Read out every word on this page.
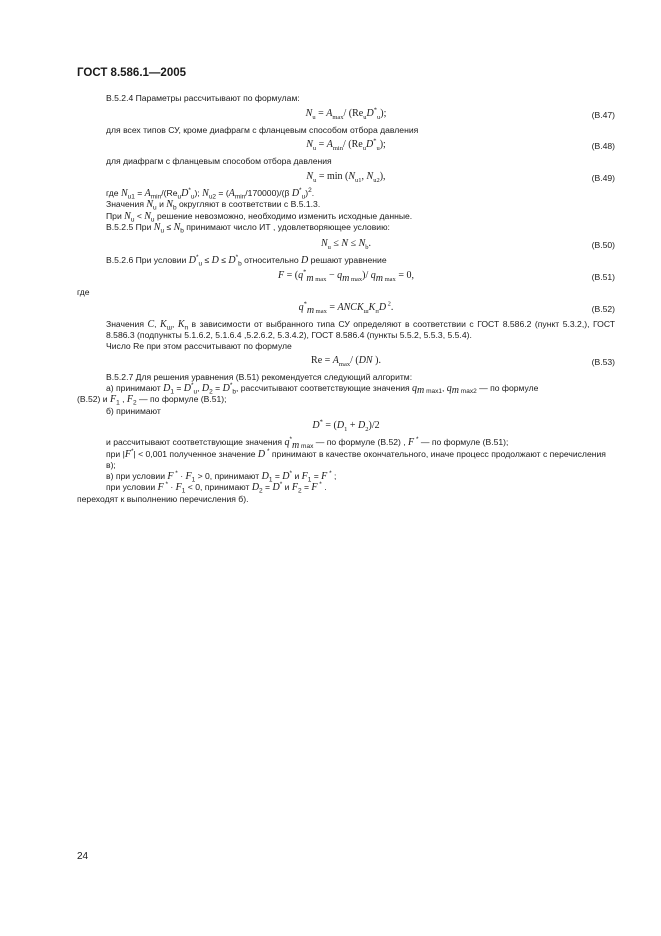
ГОСТ 8.586.1—2005

В.5.2.4 Параметры рассчитывают по формулам:

$N_u = A_{max}/$ $(Re_uD^*_u)$;	(В.47)

для всех типов СУ, кроме диафрагм с фланцевым способом отбора давления

$N_u = A_{min}/$ $(Re_uD^*_u)$;	(В.48)

для диафрагм с фланцевым способом отбора давления

$N_u = \min (N_{u1}$, $N_{u2}$),	(В.49)

где $N_{u1} = A_{min}/(Re_uD^*_u)$; $N_{u2} = (A_{min}/170000)/(\beta$ $D^*_u)^2$.

Значения $N_u$ и $N_b$ округляют в соответствии с В.5.1.3.

При $N_u < N_u$ решение невозможно, необходимо изменить исходные данные.

В.5.2.5 При $N_u \le N_b$ принимают число ИТ , удовлетворяющее условию:

$N_u \le N \le N_b$.	(В.50)

В.5.2.6 При условии $D^*_u \le D \le D^*_b$ относительно D решают уравнение

$F = (q^*_{m max} - q_{m max})/$ $q_{m max} = 0$,	(В.51)

где

$q^*_{m max}$ = $ANCK_шK_пD$ $^2$.	(В.52)

Значения C, $K_ш$, $K_п$ в зависимости от выбранного типа СУ определяют в соответствии с ГОСТ 8.586.2 (пункт 5.3.2,), ГОСТ 8.586.3 (подпункты 5.1.6.2, 5.1.6.4 ,5.2.6.2, 5.3.4.2), ГОСТ 8.586.4 (пункты 5.5.2, 5.5.3, 5.5.4).

Число Re при этом рассчитывают по формуле

$Re = A_{max}/$ (DN ).	(В.53)

В.5.2.7 Для решения уравнения (В.51) рекомендуется следующий алгоритм:

а) принимают $D_1 = D^*_u$, $D_2 = D^*_b$, рассчитывают соответствующие значения $q_{m max1}$, $q_{m max2}$ — по формуле

(В.52) и $F_1$ , $F_2$ — по формуле (В.51);

б) принимают

$D^* = (D_1 + D_2)/2$

и рассчитывают соответствующие значения $q^*_{m max}$ — по формуле (В.52) , F * — по формуле (В.51);

при |F*| < 0,001 полученное значение D * принимают в качестве окончательного, иначе процесс продолжают с перечисления в);

в) при условии F $^* \cdot F_1 > 0$, принимают $D_1 = D^*$ и $F_1 = F$ * ;

при условии F $^* \cdot F_1 < 0$, принимают $D_2 = D^*$ и $F_2 = F$ * .

переходят к выполнению перечисления б).

24
